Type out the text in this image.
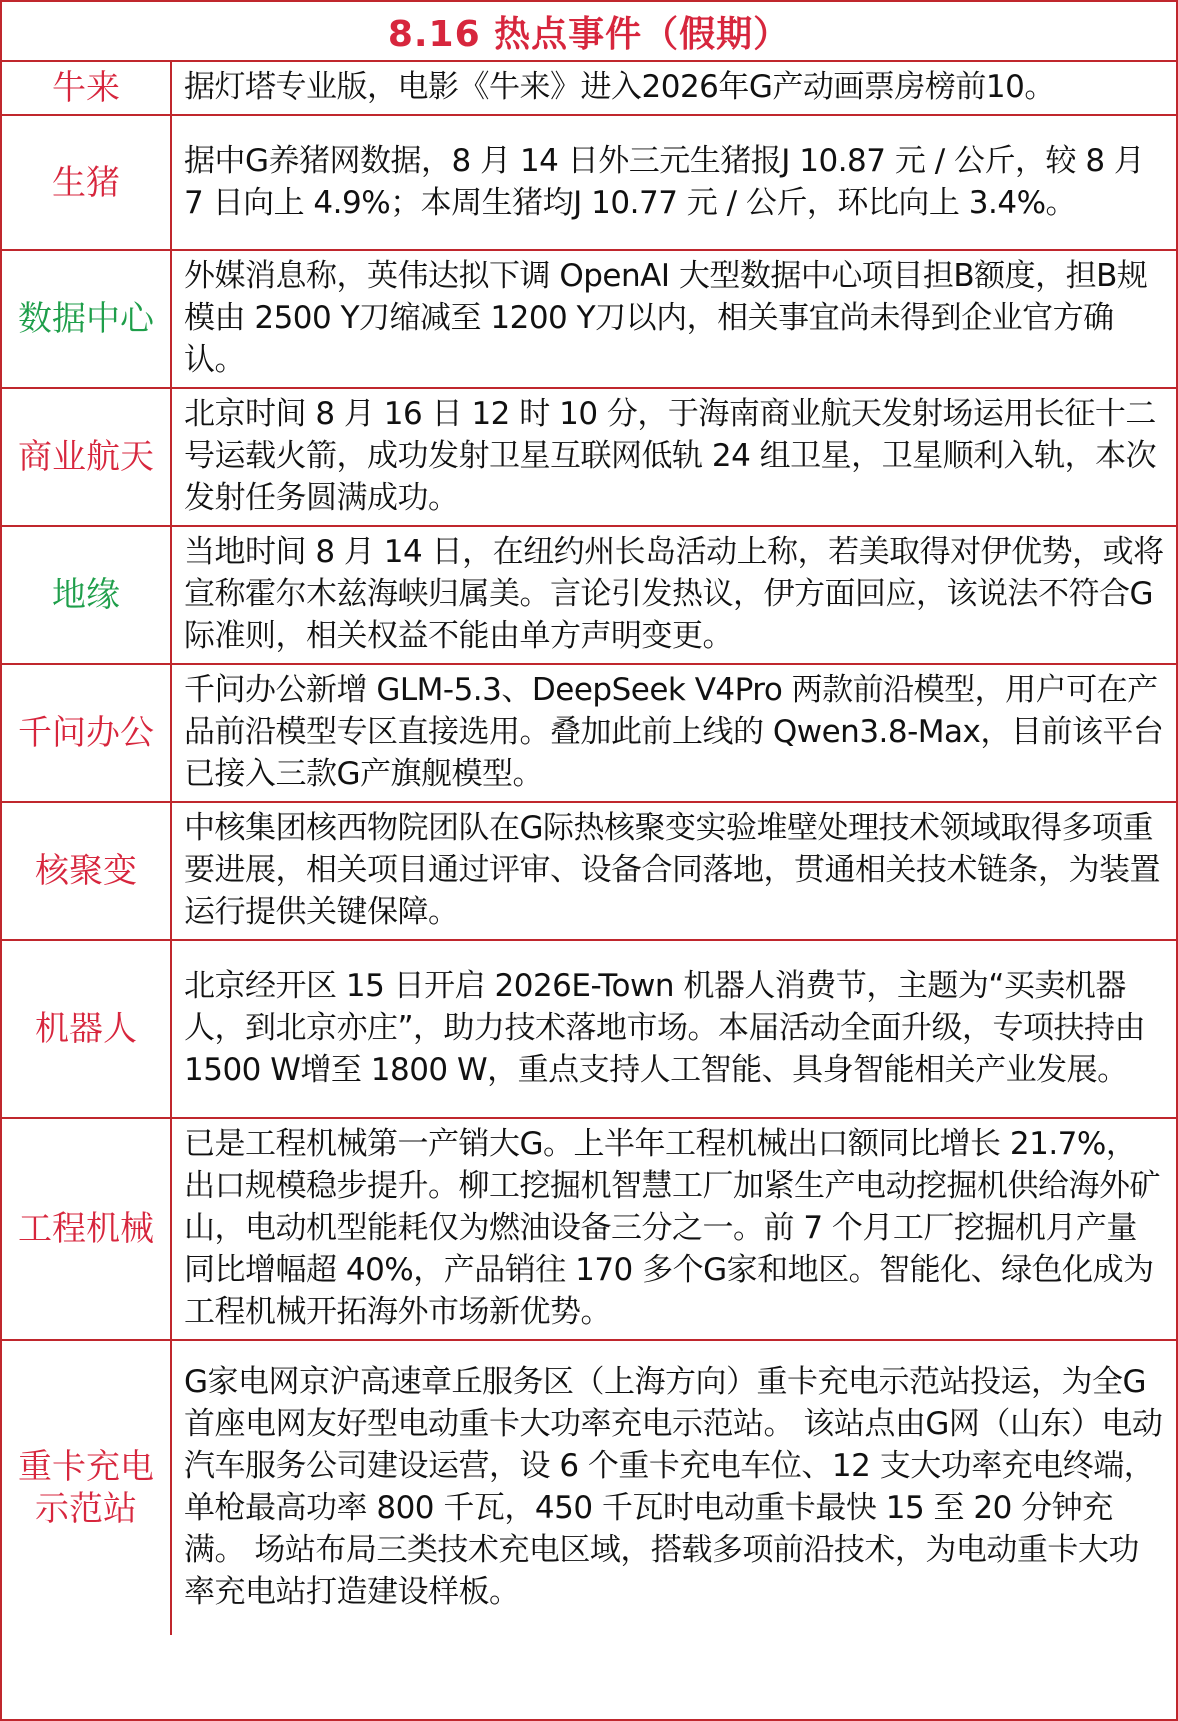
8.16 热点事件（假期）
牛来	据灯塔专业版，电影《牛来》进入2026年G产动画票房榜前10。
生猪	据中G养猪网数据，8 月 14 日外三元生猪报J 10.87 元 / 公斤，较 8 月 7 日向上 4.9%；本周生猪均J 10.77 元 / 公斤，环比向上 3.4%。
数据中心	外媒消息称，英伟达拟下调 OpenAI 大型数据中心项目担B额度，担B规模由 2500 Y刀缩减至 1200 Y刀以内，相关事宜尚未得到企业官方确认。
商业航天	北京时间 8 月 16 日 12 时 10 分，于海南商业航天发射场运用长征十二号运载火箭，成功发射卫星互联网低轨 24 组卫星，卫星顺利入轨，本次发射任务圆满成功。
地缘	当地时间 8 月 14 日，在纽约州长岛活动上称，若美取得对伊优势，或将宣称霍尔木兹海峡归属美。言论引发热议，伊方面回应，该说法不符合G际准则，相关权益不能由单方声明变更。
千问办公	千问办公新增 GLM-5.3、DeepSeek V4Pro 两款前沿模型，用户可在产品前沿模型专区直接选用。叠加此前上线的 Qwen3.8-Max，目前该平台已接入三款G产旗舰模型。
核聚变	中核集团核西物院团队在G际热核聚变实验堆壁处理技术领域取得多项重要进展，相关项目通过评审、设备合同落地，贯通相关技术链条，为装置运行提供关键保障。
机器人	北京经开区 15 日开启 2026E-Town 机器人消费节，主题为“买卖机器人，到北京亦庄”，助力技术落地市场。本届活动全面升级，专项扶持由 1500 W增至 1800 W，重点支持人工智能、具身智能相关产业发展。
工程机械	已是工程机械第一产销大G。上半年工程机械出口额同比增长 21.7%，出口规模稳步提升。柳工挖掘机智慧工厂加紧生产电动挖掘机供给海外矿山，电动机型能耗仅为燃油设备三分之一。前 7 个月工厂挖掘机月产量同比增幅超 40%，产品销往 170 多个G家和地区。智能化、绿色化成为工程机械开拓海外市场新优势。
重卡充电示范站	G家电网京沪高速章丘服务区（上海方向）重卡充电示范站投运，为全G首座电网友好型电动重卡大功率充电示范站。 该站点由G网（山东）电动汽车服务公司建设运营，设 6 个重卡充电车位、12 支大功率充电终端，单枪最高功率 800 千瓦，450 千瓦时电动重卡最快 15 至 20 分钟充满。 场站布局三类技术充电区域，搭载多项前沿技术，为电动重卡大功率充电站打造建设样板。
